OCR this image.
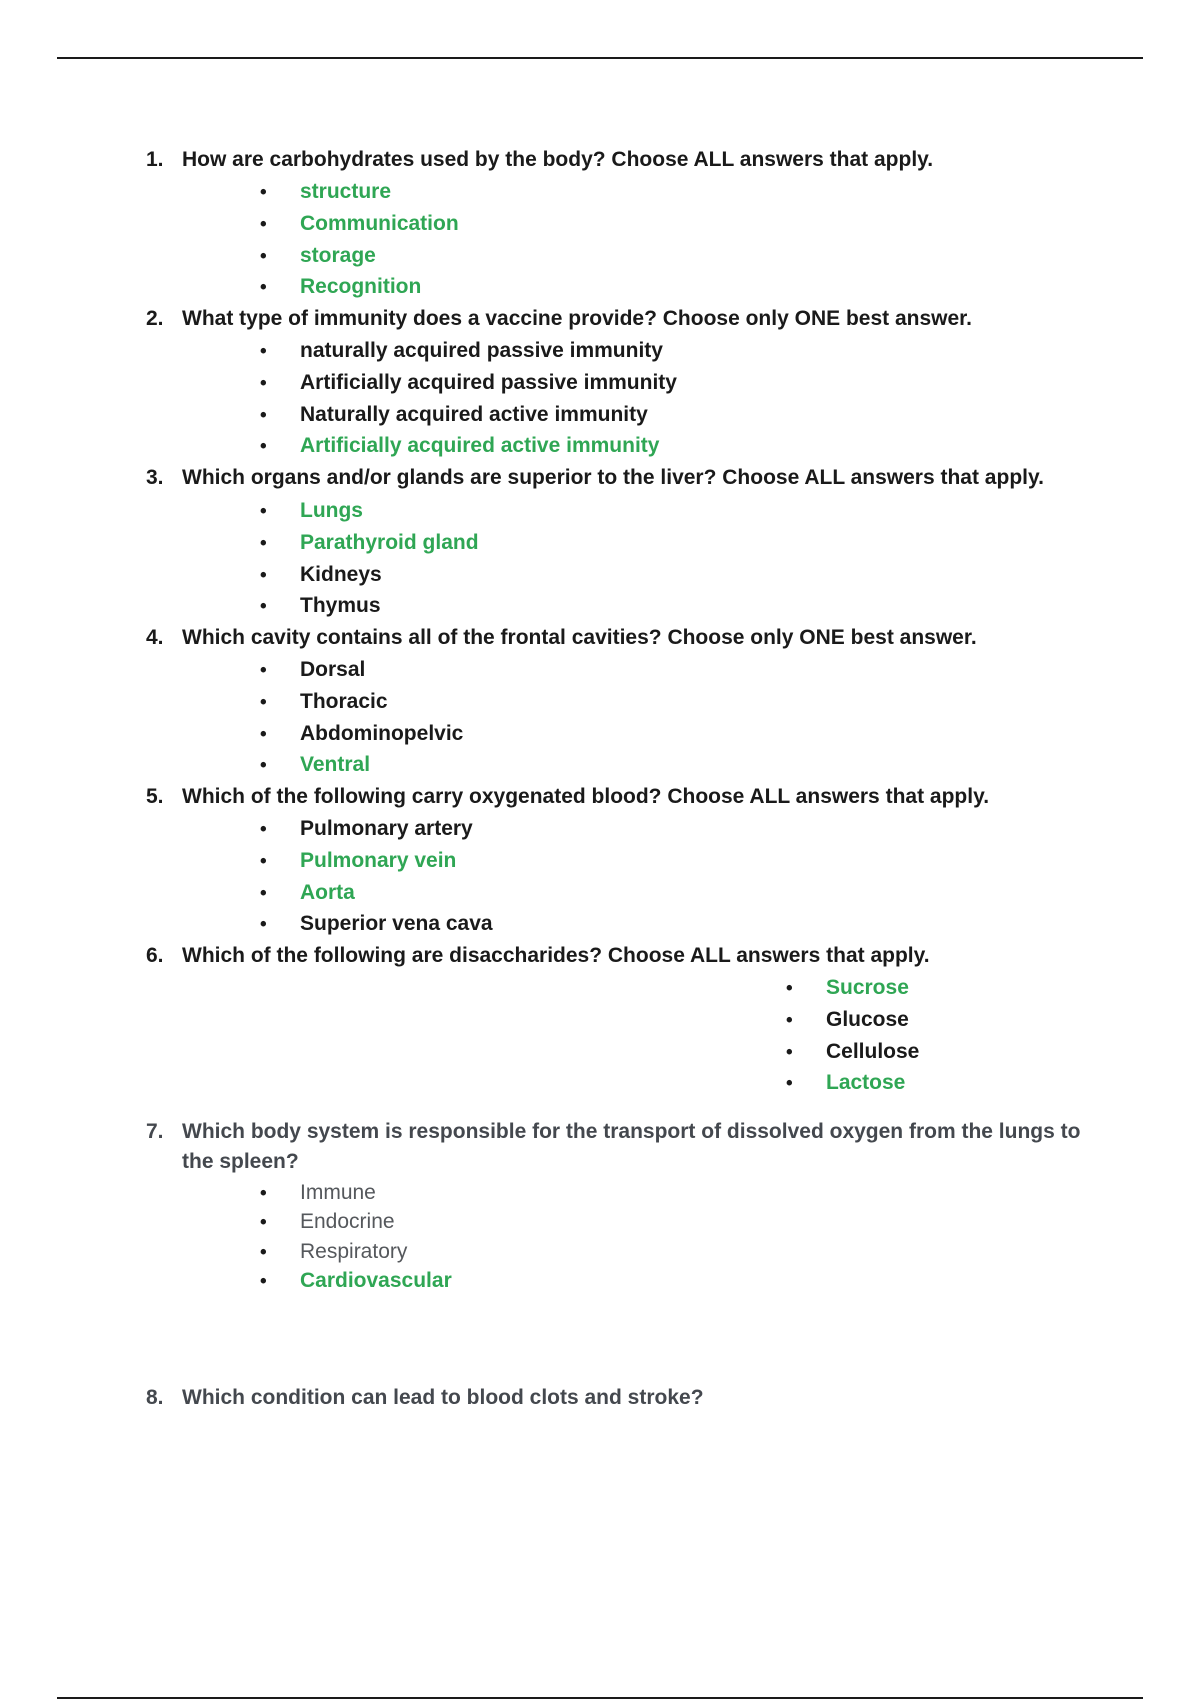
1. How are carbohydrates used by the body? Choose ALL answers that apply.
• structure
• Communication
• storage
• Recognition
2. What type of immunity does a vaccine provide? Choose only ONE best answer.
• naturally acquired passive immunity
• Artificially acquired passive immunity
• Naturally acquired active immunity
• Artificially acquired active immunity
3. Which organs and/or glands are superior to the liver? Choose ALL answers that apply.
• Lungs
• Parathyroid gland
• Kidneys
• Thymus
4. Which cavity contains all of the frontal cavities? Choose only ONE best answer.
• Dorsal
• Thoracic
• Abdominopelvic
• Ventral
5. Which of the following carry oxygenated blood? Choose ALL answers that apply.
• Pulmonary artery
• Pulmonary vein
• Aorta
• Superior vena cava
6. Which of the following are disaccharides? Choose ALL answers that apply.
• Sucrose
• Glucose
• Cellulose
• Lactose
7. Which body system is responsible for the transport of dissolved oxygen from the lungs to the spleen?
• Immune
• Endocrine
• Respiratory
• Cardiovascular
8. Which condition can lead to blood clots and stroke?
